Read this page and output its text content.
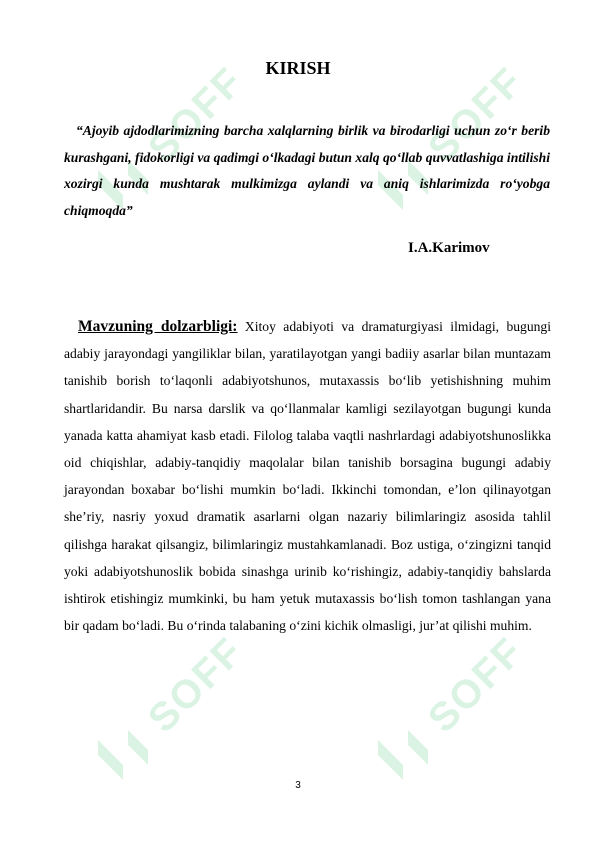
SOFF	SOFF
SOFF	SOFF
KIRISH
“Ajoyib ajdodlarimizning barcha xalqlarning birlik va birodarligi uchun zo‘r berib kurashgani, fidokorligi va qadimgi o‘lkadagi butun xalq qo‘llab quvvatlashiga intilishi xozirgi kunda mushtarak mulkimizga aylandi va aniq ishlarimizda ro‘yobga chiqmoqda”
I.A.Karimov
Mavzuning dolzarbligi: Xitoy adabiyoti va dramaturgiyasi ilmidagi, bugungi adabiy jarayondagi yangiliklar bilan, yaratilayotgan yangi badiiy asarlar bilan muntazam tanishib borish to‘laqonli adabiyotshunos, mutaxassis bo‘lib yetishishning muhim shartlaridandir. Bu narsa darslik va qo‘llanmalar kamligi sezilayotgan bugungi kunda yanada katta ahamiyat kasb etadi. Filolog talaba vaqtli nashrlardagi adabiyotshunoslikka oid chiqishlar, adabiy-tanqidiy maqolalar bilan tanishib borsagina bugungi adabiy jarayondan boxabar bo‘lishi mumkin bo‘ladi. Ikkinchi tomondan, e’lon qilinayotgan she’riy, nasriy yoxud dramatik asarlarni olgan nazariy bilimlaringiz asosida tahlil qilishga harakat qilsangiz, bilimlaringiz mustahkamlanadi. Boz ustiga, o‘zingizni tanqid yoki adabiyotshunoslik bobida sinashga urinib ko‘rishingiz, adabiy-tanqidiy bahslarda ishtirok etishingiz mumkinki, bu ham yetuk mutaxassis bo‘lish tomon tashlangan yana bir qadam bo‘ladi. Bu o‘rinda talabaning o‘zini kichik olmasligi, jur’at qilishi muhim.
3
